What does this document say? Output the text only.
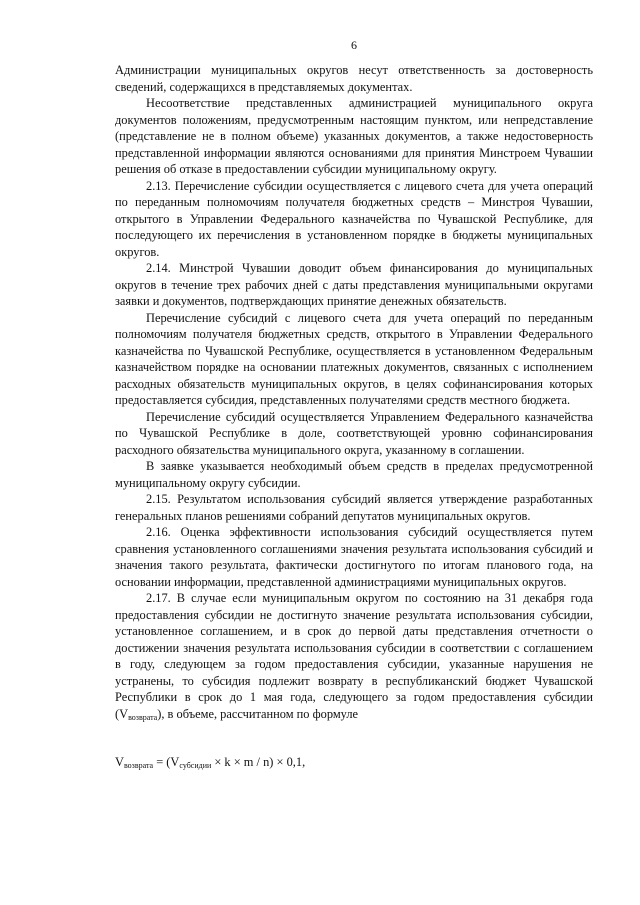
6

Администрации муниципальных округов несут ответственность за достоверность сведений, содержащихся в представляемых документах.

Несоответствие представленных администрацией муниципального округа документов положениям, предусмотренным настоящим пунктом, или непредставление (представление не в полном объеме) указанных документов, а также недостоверность представленной информации являются основаниями для принятия Минстроем Чувашии решения об отказе в предоставлении субсидии муниципальному округу.

2.13. Перечисление субсидии осуществляется с лицевого счета для учета операций по переданным полномочиям получателя бюджетных средств – Минстроя Чувашии, открытого в Управлении Федерального казначейства по Чувашской Республике, для последующего их перечисления в установленном порядке в бюджеты муниципальных округов.

2.14. Минстрой Чувашии доводит объем финансирования до муниципальных округов в течение трех рабочих дней с даты представления муниципальными округами заявки и документов, подтверждающих принятие денежных обязательств.

Перечисление субсидий с лицевого счета для учета операций по переданным полномочиям получателя бюджетных средств, открытого в Управлении Федерального казначейства по Чувашской Республике, осуществляется в установленном Федеральным казначейством порядке на основании платежных документов, связанных с исполнением расходных обязательств муниципальных округов, в целях софинансирования которых предоставляется субсидия, представленных получателями средств местного бюджета.

Перечисление субсидий осуществляется Управлением Федерального казначейства по Чувашской Республике в доле, соответствующей уровню софинансирования расходного обязательства муниципального округа, указанному в соглашении.

В заявке указывается необходимый объем средств в пределах предусмотренной муниципальному округу субсидии.

2.15. Результатом использования субсидий является утверждение разработанных генеральных планов решениями собраний депутатов муниципальных округов.

2.16. Оценка эффективности использования субсидий осуществляется путем сравнения установленного соглашениями значения результата использования субсидий и значения такого результата, фактически достигнутого по итогам планового года, на основании информации, представленной администрациями муниципальных округов.

2.17. В случае если муниципальным округом по состоянию на 31 декабря года предоставления субсидии не достигнуто значение результата использования субсидии, установленное соглашением, и в срок до первой даты представления отчетности о достижении значения результата использования субсидии в соответствии с соглашением в году, следующем за годом предоставления субсидии, указанные нарушения не устранены, то субсидия подлежит возврату в республиканский бюджет Чувашской Республики в срок до 1 мая года, следующего за годом предоставления субсидии $(V_{возврата})$, в объеме, рассчитанном по формуле

$V_{возврата} = (V_{субсидии} \times k \times m / n) \times 0,1$,
